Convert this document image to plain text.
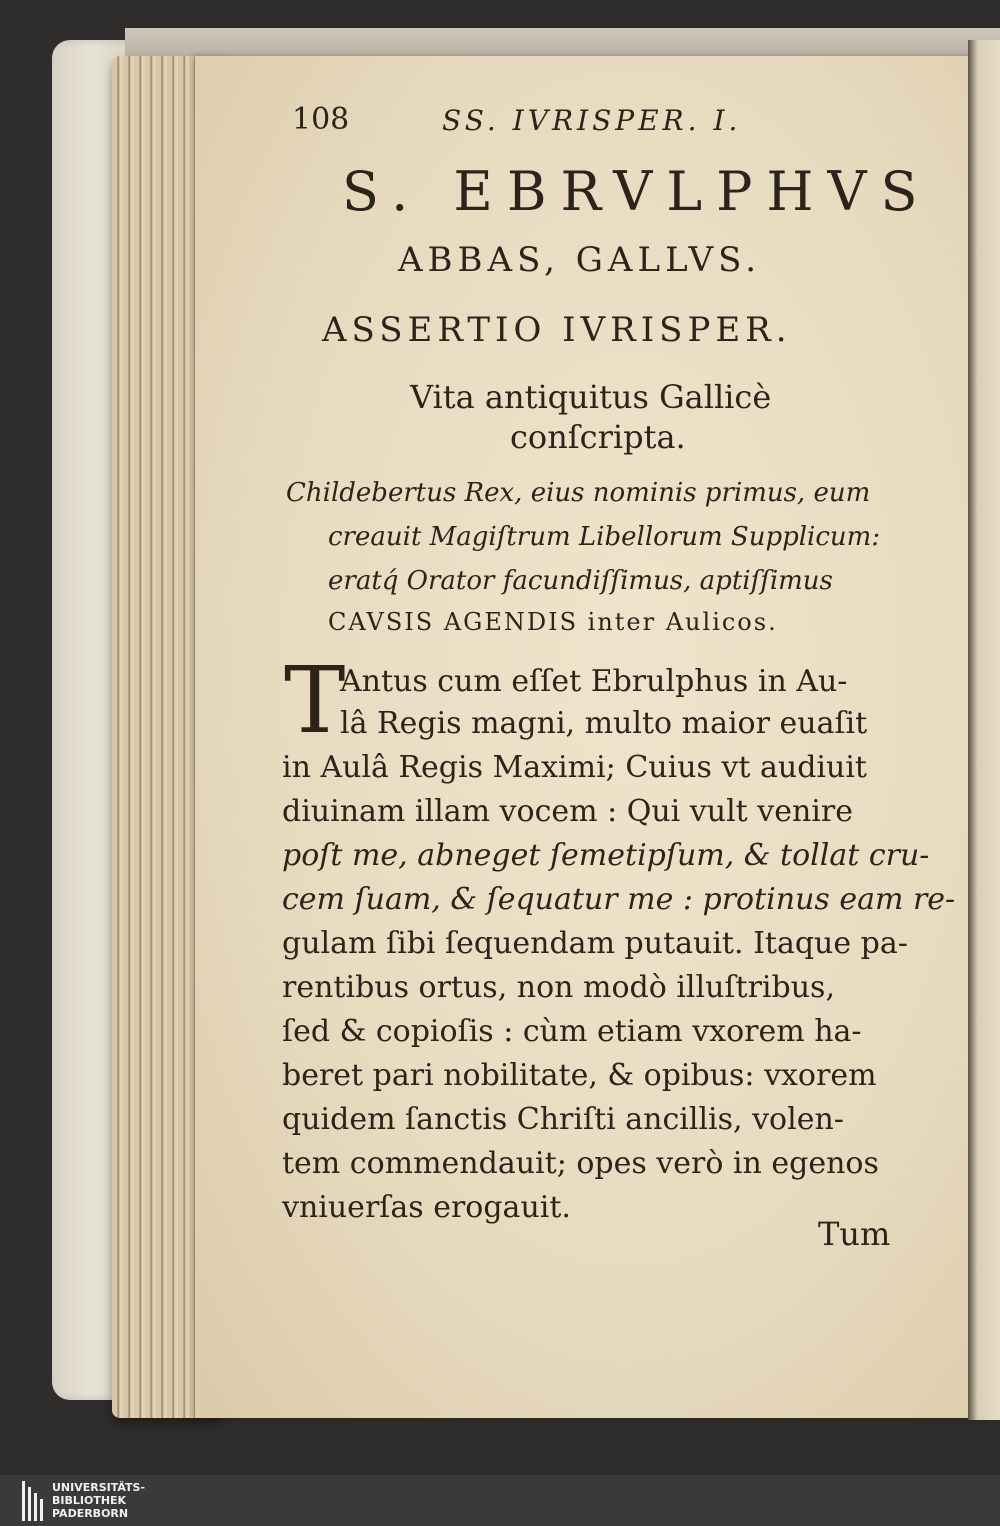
108	SS. IVRISPER. I.
S. EBRVLPHVS
ABBAS, GALLVS.
ASSERTIO IVRISPER.
Vita antiquitus Gallicè
conſcripta.
Childebertus Rex, eius nominis primus, eum
creauit Magiſtrum Libellorum Supplicum:
eratq́ Orator facundiſſimus, aptiſſimus
CAVSIS AGENDIS inter Aulicos.
T
Antus cum eſſet Ebrulphus in Au-
lâ Regis magni, multo maior euaſit
in Aulâ Regis Maximi; Cuius vt audiuit
diuinam illam vocem : Qui vult venire
poſt me, abneget ſemetipſum, & tollat cru-
cem ſuam, & ſequatur me : protinus eam re-
gulam ſibi ſequendam putauit. Itaque pa-
rentibus ortus, non modò illuſtribus,
ſed & copioſis : cùm etiam vxorem ha-
beret pari nobilitate, & opibus: vxorem
quidem ſanctis Chriſti ancillis, volen-
tem commendauit; opes verò in egenos
vniuerſas erogauit.
Tum
UNIVERSITÄTS-
BIBLIOTHEK
PADERBORN
